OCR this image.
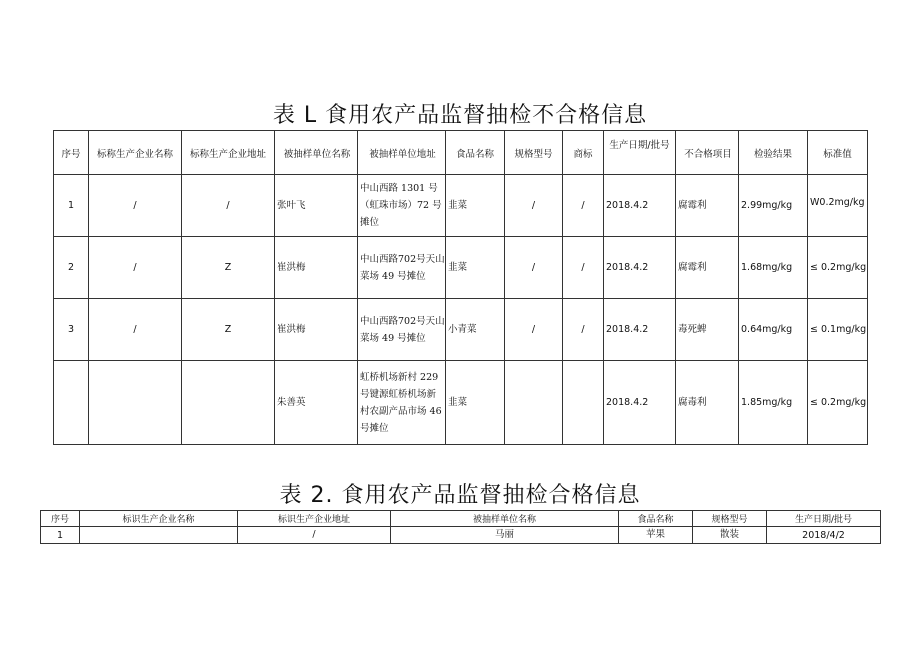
表 L 食用农产品监督抽检不合格信息
序号	标称生产企业名称	标称生产企业地址	被抽样单位名称	被抽样单位地址	食品名称	规格型号	商标	生产日期/批号	不合格项目	检验结果	标准值
1	/	/	张叶飞	中山西路 1301 号（虹珠市场）72 号摊位	韭菜	/	/	2018.4.2	腐霉利	2.99mg/kg	W0.2mg/kg
2	/	Z	崔洪梅	中山西路702号天山菜场 49 号摊位	韭菜	/	/	2018.4.2	腐霉利	1.68mg/kg	≤ 0.2mg/kg
3	/	Z	崔洪梅	中山西路702号天山菜场 49 号摊位	小青菜	/	/	2018.4.2	毒死蜱	0.64mg/kg	≤ 0.1mg/kg
			朱善英	虹桥机场新村 229 号键源虹桥机场新村农副产品市场 46 号摊位	韭菜			2018.4.2	腐毒利	1.85mg/kg	≤ 0.2mg/kg
表 2. 食用农产品监督抽检合格信息
序号	标识生产企业名称	标识生产企业地址	被抽样单位名称	食品名称	规格型号	生产日期/批号
1		/	马丽	苹果	散装	2018/4/2
